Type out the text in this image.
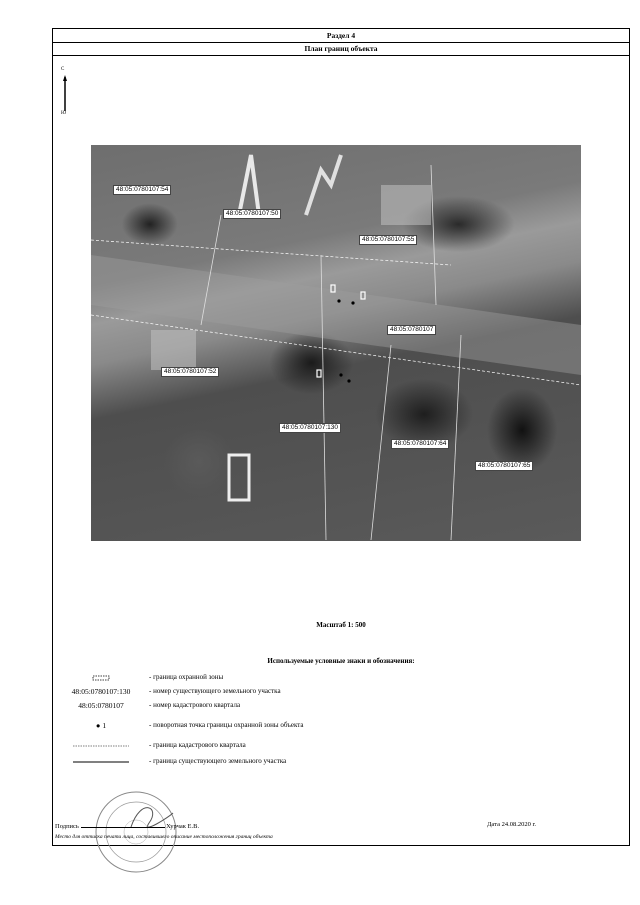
Раздел 4
План границ объекта
С
Ю
48:05:0780107:54
48:05:0780107:50
48:05:0780107:55
48:05:0780107
48:05:0780107:52
48:05:0780107:130
48:05:0780107:64
48:05:0780107:65
Масштаб 1: 500
Используемые условные знаки и обозначения:
- граница охранной зоны
48:05:0780107:130	- номер существующего земельного участка
48:05:0780107	- номер кадастрового квартала
● 1	- поворотная точка границы охранной зоны объекта
- граница кадастрового квартала
- граница существующего земельного участка
Подпись	Хурчак Е.В.	Дата 24.08.2020 г.
Место для оттиска печати лица, составившего описание местоположения границ объекта
